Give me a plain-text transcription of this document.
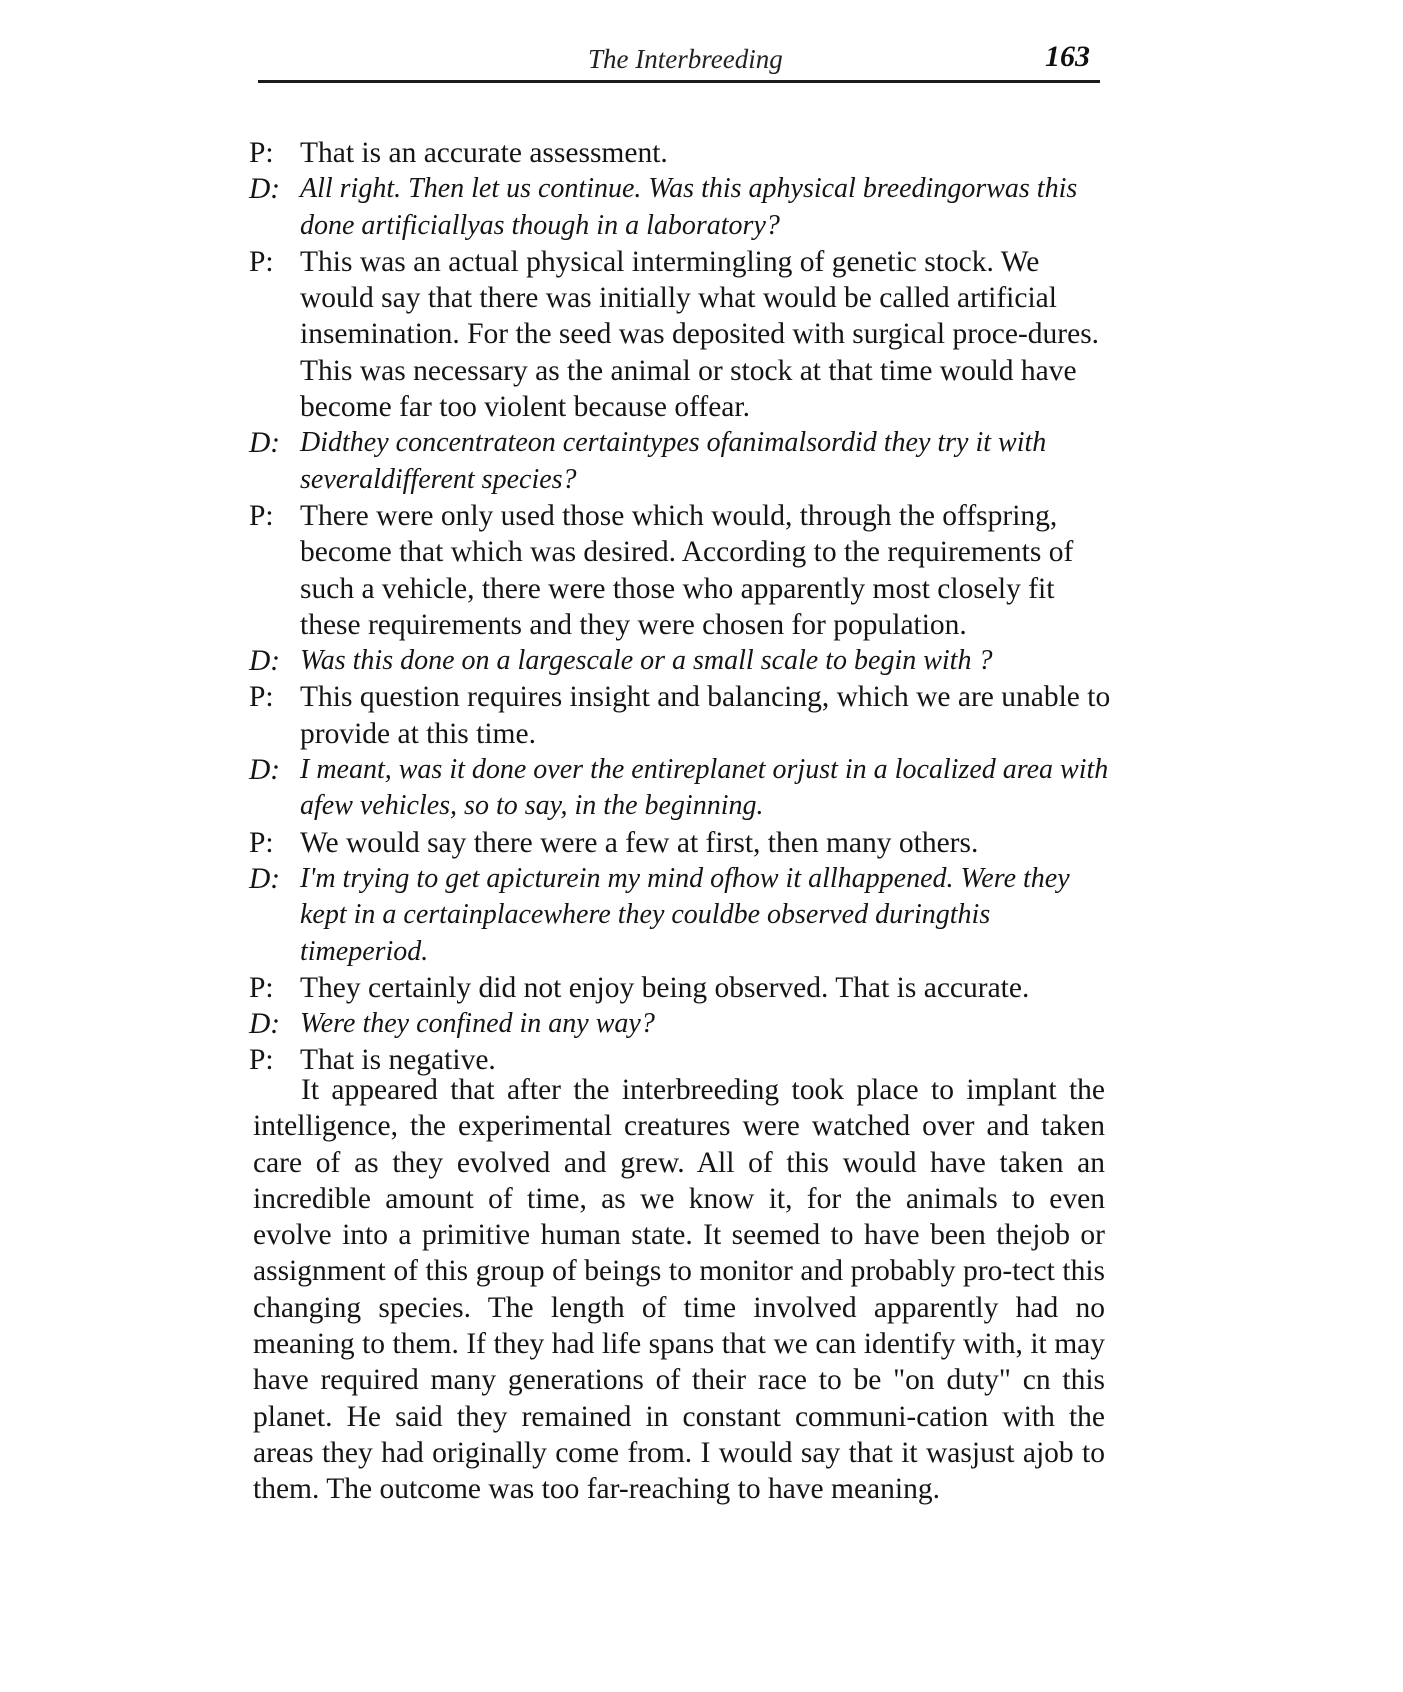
The Interbreeding	163
P: That is an accurate assessment.
D: All right. Then let us continue. Was this aphysical breedingorwas this done artificiallyas though in a laboratory?
P: This was an actual physical intermingling of genetic stock. We would say that there was initially what would be called artificial insemination. For the seed was deposited with surgical proce-dures. This was necessary as the animal or stock at that time would have become far too violent because offear.
D: Didthey concentrateon certaintypes ofanimalsordid they try it with severaldifferent species?
P: There were only used those which would, through the offspring, become that which was desired. According to the requirements of such a vehicle, there were those who apparently most closely fit these requirements and they were chosen for population.
D: Was this done on a largescale or a small scale to begin with ?
P: This question requires insight and balancing, which we are unable to provide at this time.
D: I meant, was it done over the entireplanet orjust in a localized area with afew vehicles, so to say, in the beginning.
P: We would say there were a few at first, then many others.
D: I'm trying to get apicturein my mind ofhow it allhappened. Were they kept in a certainplacewhere they couldbe observed duringthis timeperiod.
P: They certainly did not enjoy being observed. That is accurate.
D: Were they confined in any way?
P: That is negative.

It appeared that after the interbreeding took place to implant the intelligence, the experimental creatures were watched over and taken care of as they evolved and grew. All of this would have taken an incredible amount of time, as we know it, for the animals to even evolve into a primitive human state. It seemed to have been thejob or assignment of this group of beings to monitor and probably pro-tect this changing species. The length of time involved apparently had no meaning to them. If they had life spans that we can identify with, it may have required many generations of their race to be "on duty" cn this planet. He said they remained in constant communi-cation with the areas they had originally come from. I would say that it wasjust ajob to them. The outcome was too far-reaching to have meaning.
